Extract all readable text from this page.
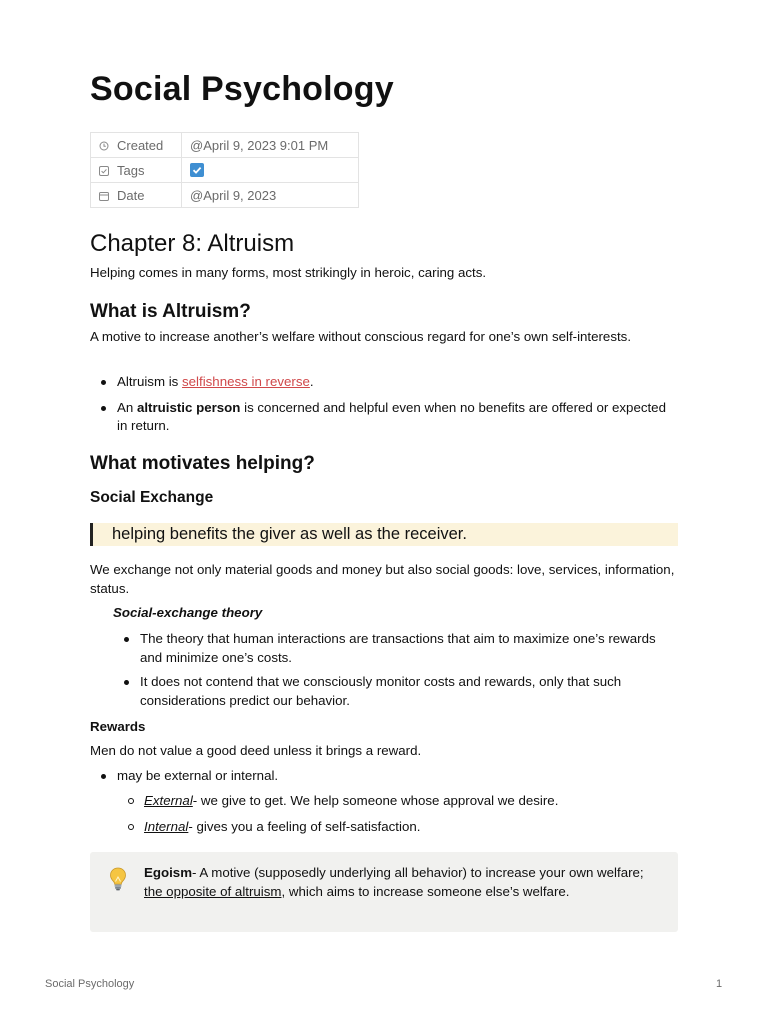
Social Psychology
Created	@April 9, 2023 9:01 PM

Tags	

Date	@April 9, 2023
Chapter 8: Altruism

Helping comes in many forms, most strikingly in heroic, caring acts.

What is Altruism?

A motive to increase another’s welfare without conscious regard for one’s own self-interests.

Altruism is selfishness in reverse.
An altruistic person is concerned and helpful even when no benefits are offered or expected in return.
What motivates helping?
Social Exchange
helping benefits the giver as well as the receiver.

We exchange not only material goods and money but also social goods: love, services, information, status.

Social-exchange theory

The theory that human interactions are transactions that aim to maximize one’s rewards and minimize one’s costs.
It does not contend that we consciously monitor costs and rewards, only that such considerations predict our behavior.

Rewards

Men do not value a good deed unless it brings a reward.

may be external or internal.
External- we give to get. We help someone whose approval we desire.
Internal- gives you a feeling of self-satisfaction.

Egoism- A motive (supposedly underlying all behavior) to increase your own welfare; the opposite of altruism, which aims to increase someone else’s welfare.

Social Psychology	1
